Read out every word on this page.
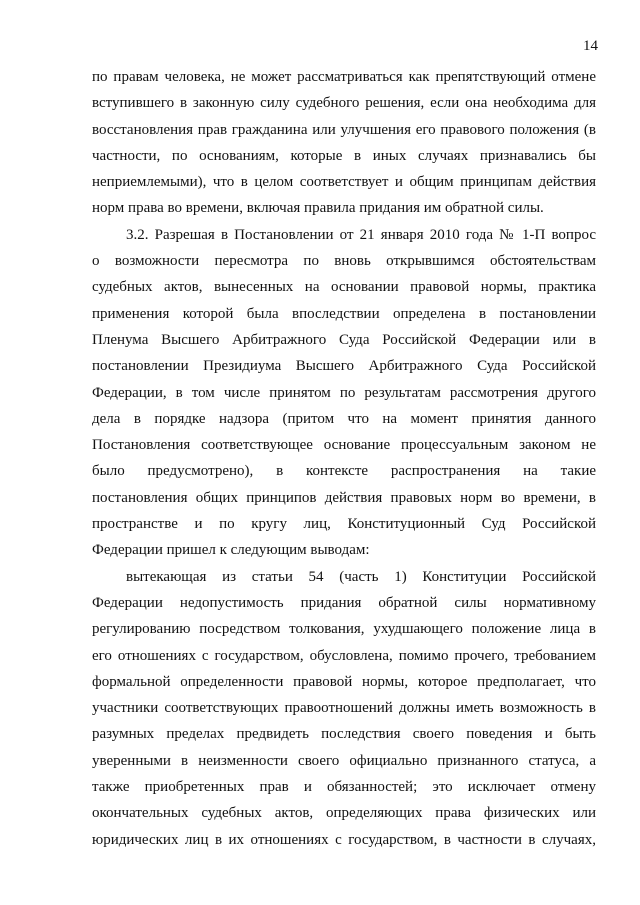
14
по правам человека, не может рассматриваться как препятствующий отмене
вступившего в законную силу судебного решения, если она необходима для
восстановления прав гражданина или улучшения его правового положения (в
частности, по основаниям, которые в иных случаях признавались бы
неприемлемыми), что в целом соответствует и общим принципам действия
норм права во времени, включая правила придания им обратной силы.
3.2. Разрешая в Постановлении от 21 января 2010 года № 1-П вопрос
о возможности пересмотра по вновь открывшимся обстоятельствам
судебных актов, вынесенных на основании правовой нормы, практика
применения которой была впоследствии определена в постановлении
Пленума Высшего Арбитражного Суда Российской Федерации или в
постановлении Президиума Высшего Арбитражного Суда Российской
Федерации, в том числе принятом по результатам рассмотрения другого
дела в порядке надзора (притом что на момент принятия данного
Постановления соответствующее основание процессуальным законом не
было предусмотрено), в контексте распространения на такие
постановления общих принципов действия правовых норм во времени, в
пространстве и по кругу лиц, Конституционный Суд Российской
Федерации пришел к следующим выводам:
вытекающая из статьи 54 (часть 1) Конституции Российской
Федерации недопустимость придания обратной силы нормативному
регулированию посредством толкования, ухудшающего положение лица в
его отношениях с государством, обусловлена, помимо прочего, требованием
формальной определенности правовой нормы, которое предполагает, что
участники соответствующих правоотношений должны иметь возможность в
разумных пределах предвидеть последствия своего поведения и быть
уверенными в неизменности своего официально признанного статуса, а
также приобретенных прав и обязанностей; это исключает отмену
окончательных судебных актов, определяющих права физических или
юридических лиц в их отношениях с государством, в частности в случаях,
